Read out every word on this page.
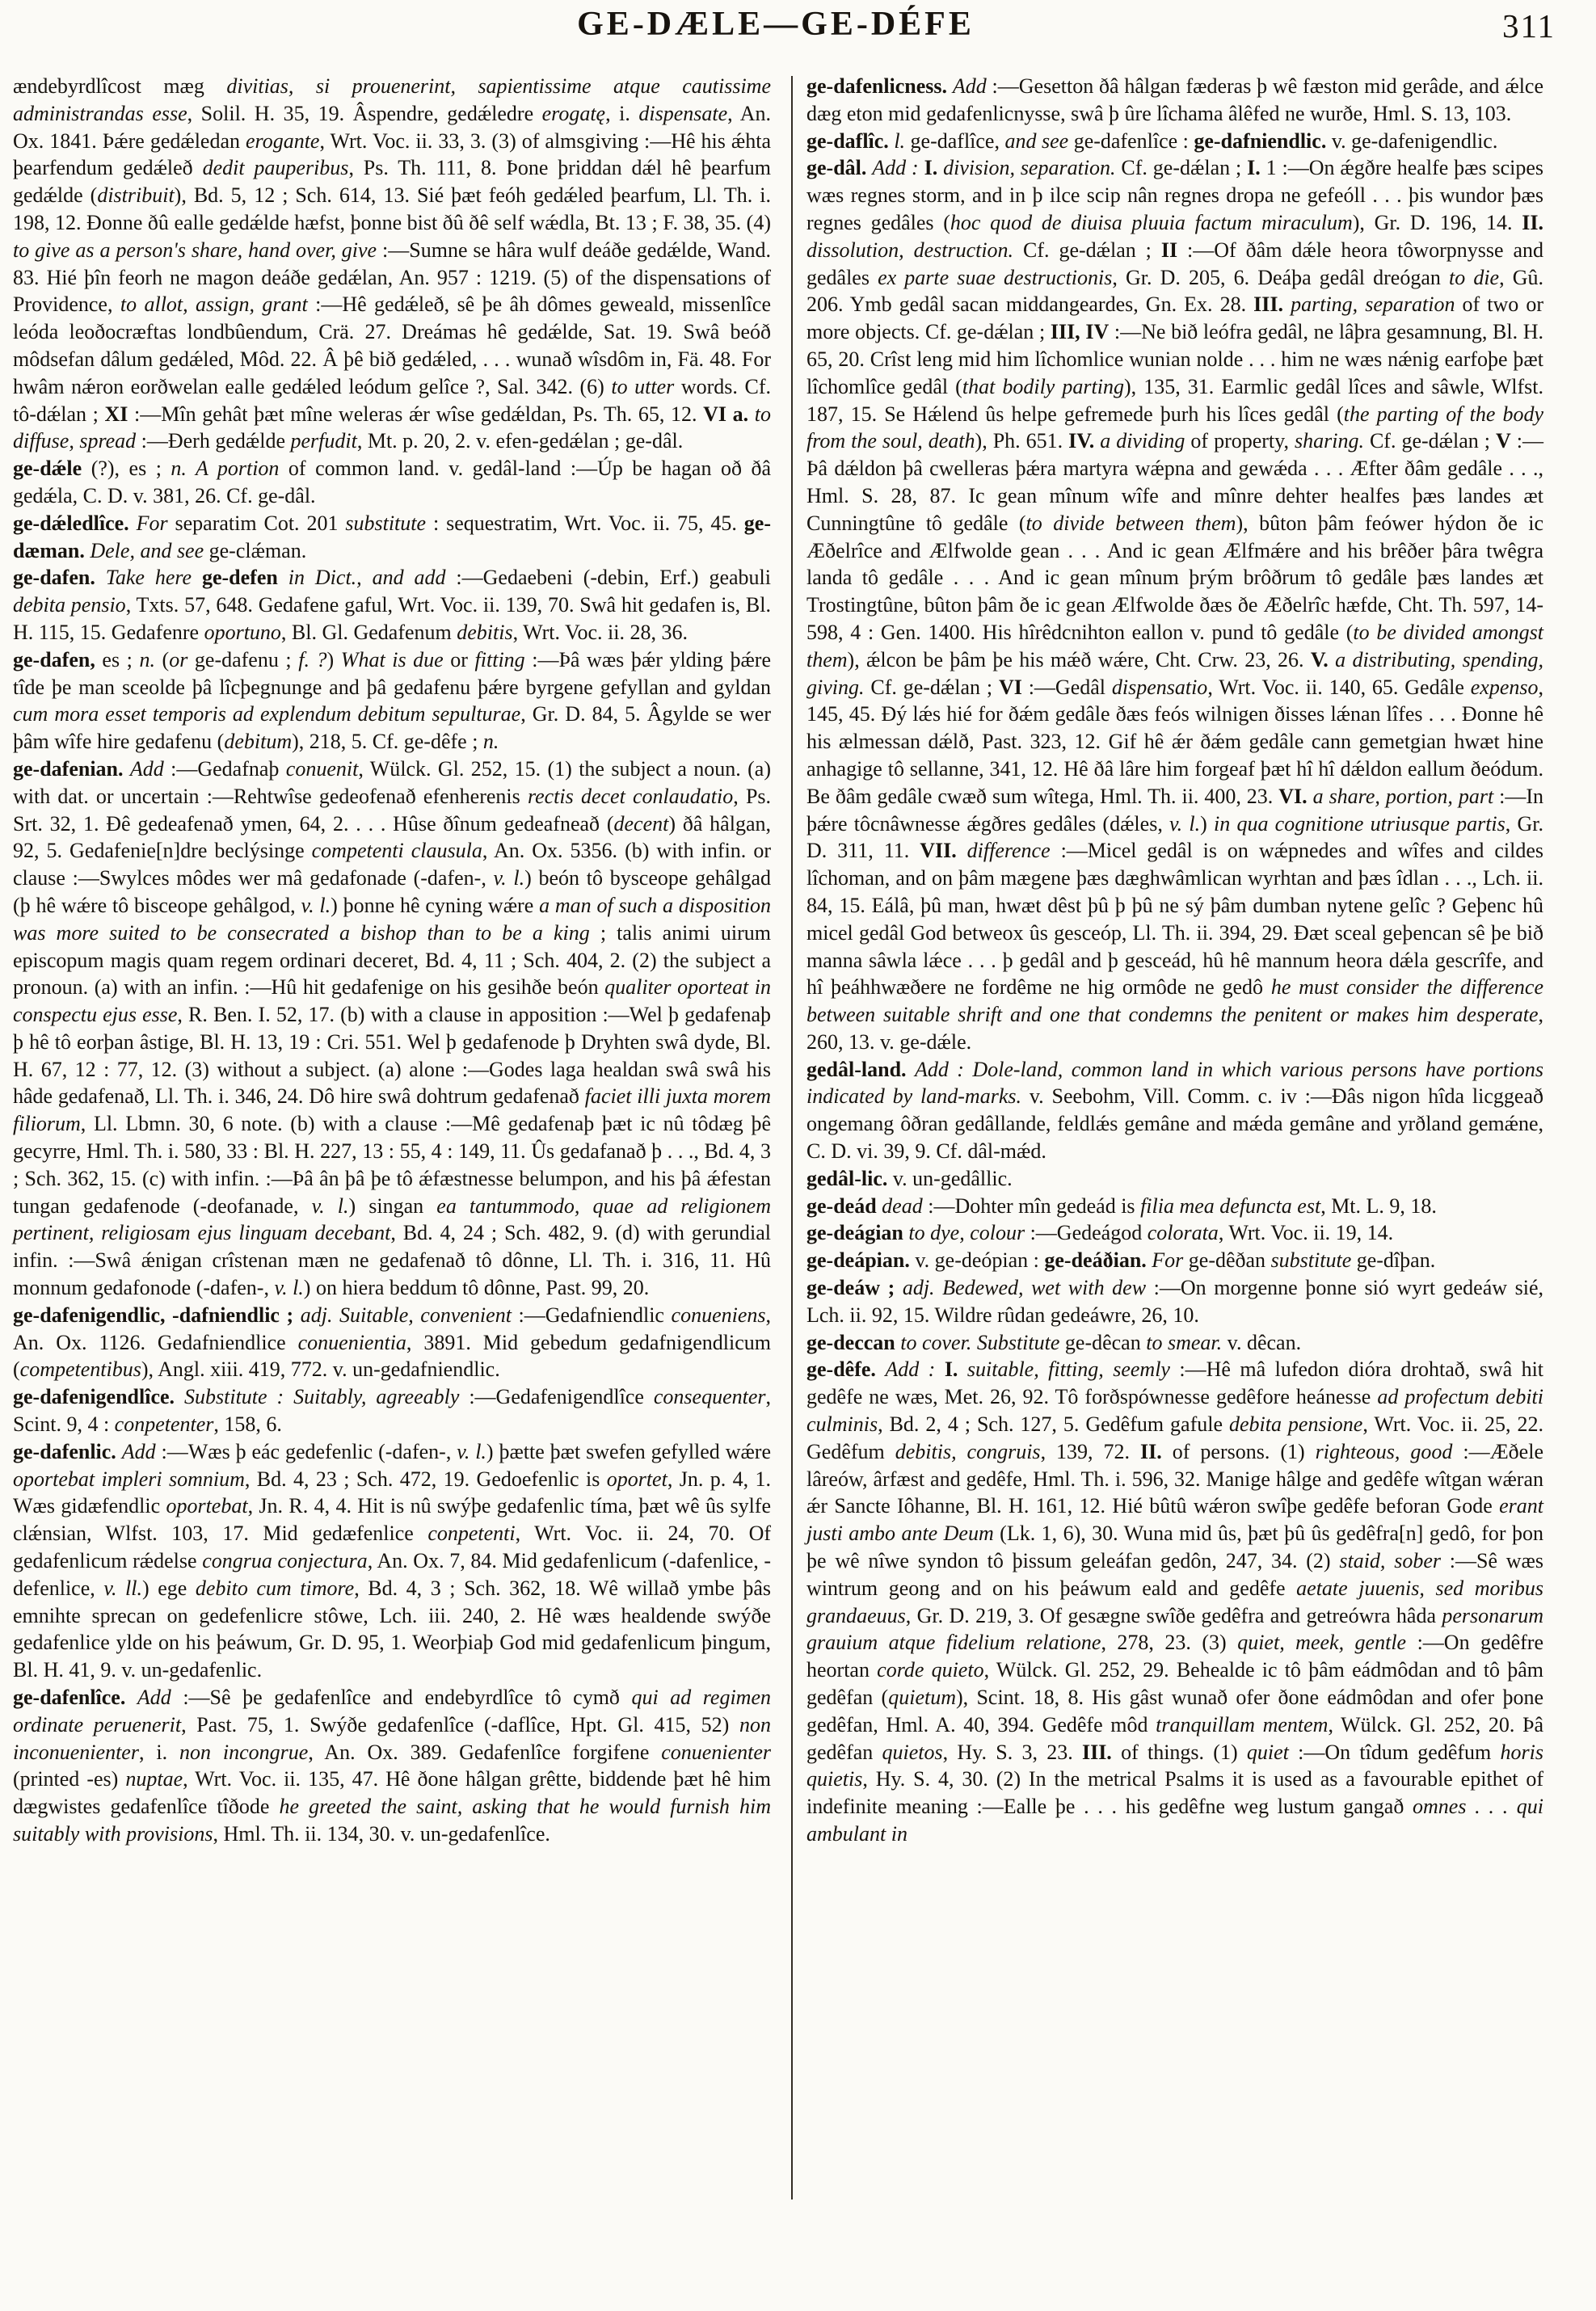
GE-DÆLE—GE-DÉFE	311

ændebyrdlîcost mæg divitias, si prouenerint, sapientissime atque cautissime administrandas esse, Solil. H. 35, 19. Âspendre, gedǽledre erogatę, i. dispensate, An. Ox. 1841. Þǽre gedǽledan erogante, Wrt. Voc. ii. 33, 3. (3) of almsgiving :—Hê his ǽhta þearfendum gedǽleð dedit pauperibus, Ps. Th. 111, 8. Þone þriddan dǽl hê þearfum gedǽlde (distribuit), Bd. 5, 12 ; Sch. 614, 13. Sié þæt feóh gedǽled þearfum, Ll. Th. i. 198, 12. Ðonne ðû ealle gedǽlde hæfst, þonne bist ðû ðê self wǽdla, Bt. 13 ; F. 38, 35. (4) to give as a person's share, hand over, give :—Sumne se hâra wulf deáðe gedǽlde, Wand. 83. Hié þîn feorh ne magon deáðe gedǽlan, An. 957 : 1219. (5) of the dispensations of Providence, to allot, assign, grant :—Hê gedǽleð, sê þe âh dômes geweald, missenlîce leóda leoðocræftas londbûendum, Crä. 27. Dreámas hê gedǽlde, Sat. 19. Swâ beóð môdsefan dâlum gedǽled, Môd. 22. Â þê bið gedǽled, . . . wunað wîsdôm in, Fä. 48. For hwâm nǽron eorðwelan ealle gedǽled leódum gelîce ?, Sal. 342. (6) to utter words. Cf. tô-dǽlan ; XI :—Mîn gehât þæt mîne weleras ǽr wîse gedǽldan, Ps. Th. 65, 12. VI a. to diffuse, spread :—Ðerh gedǽlde perfudit, Mt. p. 20, 2. v. efen-gedǽlan ; ge-dâl.

ge-dǽle (?), es ; n. A portion of common land. v. gedâl-land :—Úp be hagan oð ðâ gedǽla, C. D. v. 381, 26. Cf. ge-dâl.

ge-dǽledlîce. For separatim Cot. 201 substitute : sequestratim, Wrt. Voc. ii. 75, 45. ge-dæman. Dele, and see ge-clǽman.

ge-dafen. Take here ge-defen in Dict., and add :—Gedaebeni (-debin, Erf.) geabuli debita pensio, Txts. 57, 648. Gedafene gaful, Wrt. Voc. ii. 139, 70. Swâ hit gedafen is, Bl. H. 115, 15. Gedafenre oportuno, Bl. Gl. Gedafenum debitis, Wrt. Voc. ii. 28, 36.

ge-dafen, es ; n. (or ge-dafenu ; f. ?) What is due or fitting :—Þâ wæs þǽr ylding þǽre tîde þe man sceolde þâ lîcþegnunge and þâ gedafenu þǽre byrgene gefyllan and gyldan cum mora esset temporis ad explendum debitum sepulturae, Gr. D. 84, 5. Âgylde se wer þâm wîfe hire gedafenu (debitum), 218, 5. Cf. ge-dêfe ; n.

ge-dafenian. Add :—Gedafnaþ conuenit, Wülck. Gl. 252, 15. (1) the subject a noun. (a) with dat. or uncertain :—Rehtwîse gedeofenað efenherenis rectis decet conlaudatio, Ps. Srt. 32, 1. Ðê gedeafenað ymen, 64, 2. . . . Hûse ðînum gedeafneað (decent) ðâ hâlgan, 92, 5. Gedafenie[n]dre beclýsinge competenti clausula, An. Ox. 5356. (b) with infin. or clause :—Swylces môdes wer mâ gedafonade (-dafen-, v. l.) beón tô bysceope gehâlgad (þ hê wǽre tô bisceope gehâlgod, v. l.) þonne hê cyning wǽre a man of such a disposition was more suited to be consecrated a bishop than to be a king ; talis animi uirum episcopum magis quam regem ordinari deceret, Bd. 4, 11 ; Sch. 404, 2. (2) the subject a pronoun. (a) with an infin. :—Hû hit gedafenige on his gesihðe beón qualiter oporteat in conspectu ejus esse, R. Ben. I. 52, 17. (b) with a clause in apposition :—Wel þ gedafenaþ þ hê tô eorþan âstige, Bl. H. 13, 19 : Cri. 551. Wel þ gedafenode þ Dryhten swâ dyde, Bl. H. 67, 12 : 77, 12. (3) without a subject. (a) alone :—Godes laga healdan swâ swâ his hâde gedafenað, Ll. Th. i. 346, 24. Dô hire swâ dohtrum gedafenað faciet illi juxta morem filiorum, Ll. Lbmn. 30, 6 note. (b) with a clause :—Mê gedafenaþ þæt ic nû tôdæg þê gecyrre, Hml. Th. i. 580, 33 : Bl. H. 227, 13 : 55, 4 : 149, 11. Ûs gedafanað þ . . ., Bd. 4, 3 ; Sch. 362, 15. (c) with infin. :—Þâ ân þâ þe tô ǽfæstnesse belumpon, and his þâ ǽfestan tungan gedafenode (-deofanade, v. l.) singan ea tantummodo, quae ad religionem pertinent, religiosam ejus linguam decebant, Bd. 4, 24 ; Sch. 482, 9. (d) with gerundial infin. :—Swâ ǽnigan crîstenan mæn ne gedafenað tô dônne, Ll. Th. i. 316, 11. Hû monnum gedafonode (-dafen-, v. l.) on hiera beddum tô dônne, Past. 99, 20.

ge-dafenigendlic, -dafniendlic ; adj. Suitable, convenient :—Gedafniendlic conueniens, An. Ox. 1126. Gedafniendlice conuenientia, 3891. Mid gebedum gedafnigendlicum (competentibus), Angl. xiii. 419, 772. v. un-gedafniendlic.

ge-dafenigendlîce. Substitute : Suitably, agreeably :—Gedafenigendlîce consequenter, Scint. 9, 4 : conpetenter, 158, 6.

ge-dafenlic. Add :—Wæs þ eác gedefenlic (-dafen-, v. l.) þætte þæt swefen gefylled wǽre oportebat impleri somnium, Bd. 4, 23 ; Sch. 472, 19. Gedoefenlic is oportet, Jn. p. 4, 1. Wæs gidæfendlic oportebat, Jn. R. 4, 4. Hit is nû swýþe gedafenlic tíma, þæt wê ûs sylfe clǽnsian, Wlfst. 103, 17. Mid gedæfenlice conpetenti, Wrt. Voc. ii. 24, 70. Of gedafenlicum rǽdelse congrua conjectura, An. Ox. 7, 84. Mid gedafenlicum (-dafenlice, -defenlice, v. ll.) ege debito cum timore, Bd. 4, 3 ; Sch. 362, 18. Wê willað ymbe þâs emnihte sprecan on gedefenlicre stôwe, Lch. iii. 240, 2. Hê wæs healdende swýðe gedafenlice ylde on his þeáwum, Gr. D. 95, 1. Weorþiaþ God mid gedafenlicum þingum, Bl. H. 41, 9. v. un-gedafenlic.

ge-dafenlîce. Add :—Sê þe gedafenlîce and endebyrdlîce tô cymð qui ad regimen ordinate peruenerit, Past. 75, 1. Swýðe gedafenlîce (-daflîce, Hpt. Gl. 415, 52) non inconuenienter, i. non incongrue, An. Ox. 389. Gedafenlîce forgifene conuenienter (printed -es) nuptae, Wrt. Voc. ii. 135, 47. Hê ðone hâlgan grêtte, biddende þæt hê him dægwistes gedafenlîce tîðode he greeted the saint, asking that he would furnish him suitably with provisions, Hml. Th. ii. 134, 30. v. un-gedafenlîce.

ge-dafenlicness. Add :—Gesetton ðâ hâlgan fæderas þ wê fæston mid gerâde, and ǽlce dæg eton mid gedafenlicnysse, swâ þ ûre lîchama âlêfed ne wurðe, Hml. S. 13, 103.

ge-daflîc. l. ge-daflîce, and see ge-dafenlîce : ge-dafniendlic. v. ge-dafenigendlic.

ge-dâl. Add : I. division, separation. Cf. ge-dǽlan ; I. 1 :—On ǽgðre healfe þæs scipes wæs regnes storm, and in þ ilce scip nân regnes dropa ne gefeóll . . . þis wundor þæs regnes gedâles (hoc quod de diuisa pluuia factum miraculum), Gr. D. 196, 14. II. dissolution, destruction. Cf. ge-dǽlan ; II :—Of ðâm dǽle heora tôworpnysse and gedâles ex parte suae destructionis, Gr. D. 205, 6. Deáþa gedâl dreógan to die, Gû. 206. Ymb gedâl sacan middangeardes, Gn. Ex. 28. III. parting, separation of two or more objects. Cf. ge-dǽlan ; III, IV :—Ne bið leófra gedâl, ne lâþra gesamnung, Bl. H. 65, 20. Crîst leng mid him lîchomlice wunian nolde . . . him ne wæs nǽnig earfoþe þæt lîchomlîce gedâl (that bodily parting), 135, 31. Earmlic gedâl lîces and sâwle, Wlfst. 187, 15. Se Hǽlend ûs helpe gefremede þurh his lîces gedâl (the parting of the body from the soul, death), Ph. 651. IV. a dividing of property, sharing. Cf. ge-dǽlan ; V :—Þâ dǽldon þâ cwelleras þǽra martyra wǽpna and gewǽda . . . Æfter ðâm gedâle . . ., Hml. S. 28, 87. Ic gean mînum wîfe and mînre dehter healfes þæs landes æt Cunningtûne tô gedâle (to divide between them), bûton þâm feówer hýdon ðe ic Æðelrîce and Ælfwolde gean . . . And ic gean Ælfmǽre and his brêðer þâra twêgra landa tô gedâle . . . And ic gean mînum þrým brôðrum tô gedâle þæs landes æt Trostingtûne, bûton þâm ðe ic gean Ælfwolde ðæs ðe Æðelrîc hæfde, Cht. Th. 597, 14-598, 4 : Gen. 1400. His hîrêdcnihton eallon v. pund tô gedâle (to be divided amongst them), ǽlcon be þâm þe his mǽð wǽre, Cht. Crw. 23, 26. V. a distributing, spending, giving. Cf. ge-dǽlan ; VI :—Gedâl dispensatio, Wrt. Voc. ii. 140, 65. Gedâle expenso, 145, 45. Ðý lǽs hié for ðǽm gedâle ðæs feós wilnigen ðisses lǽnan lîfes . . . Ðonne hê his ælmessan dǽlð, Past. 323, 12. Gif hê ǽr ðǽm gedâle cann gemetgian hwæt hine anhagige tô sellanne, 341, 12. Hê ðâ lâre him forgeaf þæt hî hî dǽldon eallum ðeódum. Be ðâm gedâle cwæð sum wîtega, Hml. Th. ii. 400, 23. VI. a share, portion, part :—In þǽre tôcnâwnesse ǽgðres gedâles (dǽles, v. l.) in qua cognitione utriusque partis, Gr. D. 311, 11. VII. difference :—Micel gedâl is on wǽpnedes and wîfes and cildes lîchoman, and on þâm mægene þæs dæghwâmlican wyrhtan and þæs îdlan . . ., Lch. ii. 84, 15. Eálâ, þû man, hwæt dêst þû þ þû ne sý þâm dumban nytene gelîc ? Geþenc hû micel gedâl God betweox ûs gesceóp, Ll. Th. ii. 394, 29. Ðæt sceal geþencan sê þe bið manna sâwla lǽce . . . þ gedâl and þ gesceád, hû hê mannum heora dǽla gescrîfe, and hî þeáhhwæðere ne fordême ne hig ormôde ne gedô he must consider the difference between suitable shrift and one that condemns the penitent or makes him desperate, 260, 13. v. ge-dǽle.

gedâl-land. Add : Dole-land, common land in which various persons have portions indicated by land-marks. v. Seebohm, Vill. Comm. c. iv :—Ðâs nigon hîda licggeað ongemang ôðran gedâllande, feldlǽs gemâne and mǽda gemâne and yrðland gemǽne, C. D. vi. 39, 9. Cf. dâl-mǽd.

gedâl-lic. v. un-gedâllic.

ge-deád dead :—Dohter mîn gedeád is filia mea defuncta est, Mt. L. 9, 18.

ge-deágian to dye, colour :—Gedeágod colorata, Wrt. Voc. ii. 19, 14.

ge-deápian. v. ge-deópian : ge-deáðian. For ge-dêðan substitute ge-dîþan.

ge-deáw ; adj. Bedewed, wet with dew :—On morgenne þonne sió wyrt gedeáw sié, Lch. ii. 92, 15. Wildre rûdan gedeáwre, 26, 10.

ge-deccan to cover. Substitute ge-dêcan to smear. v. dêcan.

ge-dêfe. Add : I. suitable, fitting, seemly :—Hê mâ lufedon dióra drohtað, swâ hit gedêfe ne wæs, Met. 26, 92. Tô forðspównesse gedêfore heánesse ad profectum debiti culminis, Bd. 2, 4 ; Sch. 127, 5. Gedêfum gafule debita pensione, Wrt. Voc. ii. 25, 22. Gedêfum debitis, congruis, 139, 72. II. of persons. (1) righteous, good :—Æðele lâreów, ârfæst and gedêfe, Hml. Th. i. 596, 32. Manige hâlge and gedêfe wîtgan wǽran ǽr Sancte Iôhanne, Bl. H. 161, 12. Hié bûtû wǽron swîþe gedêfe beforan Gode erant justi ambo ante Deum (Lk. 1, 6), 30. Wuna mid ûs, þæt þû ûs gedêfra[n] gedô, for þon þe wê nîwe syndon tô þissum geleáfan gedôn, 247, 34. (2) staid, sober :—Sê wæs wintrum geong and on his þeáwum eald and gedêfe aetate juuenis, sed moribus grandaeuus, Gr. D. 219, 3. Of gesægne swîðe gedêfra and getreówra hâda personarum grauium atque fidelium relatione, 278, 23. (3) quiet, meek, gentle :—On gedêfre heortan corde quieto, Wülck. Gl. 252, 29. Behealde ic tô þâm eádmôdan and tô þâm gedêfan (quietum), Scint. 18, 8. His gâst wunað ofer ðone eádmôdan and ofer þone gedêfan, Hml. A. 40, 394. Gedêfe môd tranquillam mentem, Wülck. Gl. 252, 20. Þâ gedêfan quietos, Hy. S. 3, 23. III. of things. (1) quiet :—On tîdum gedêfum horis quietis, Hy. S. 4, 30. (2) In the metrical Psalms it is used as a favourable epithet of indefinite meaning :—Ealle þe . . . his gedêfne weg lustum gangað omnes . . . qui ambulant in
